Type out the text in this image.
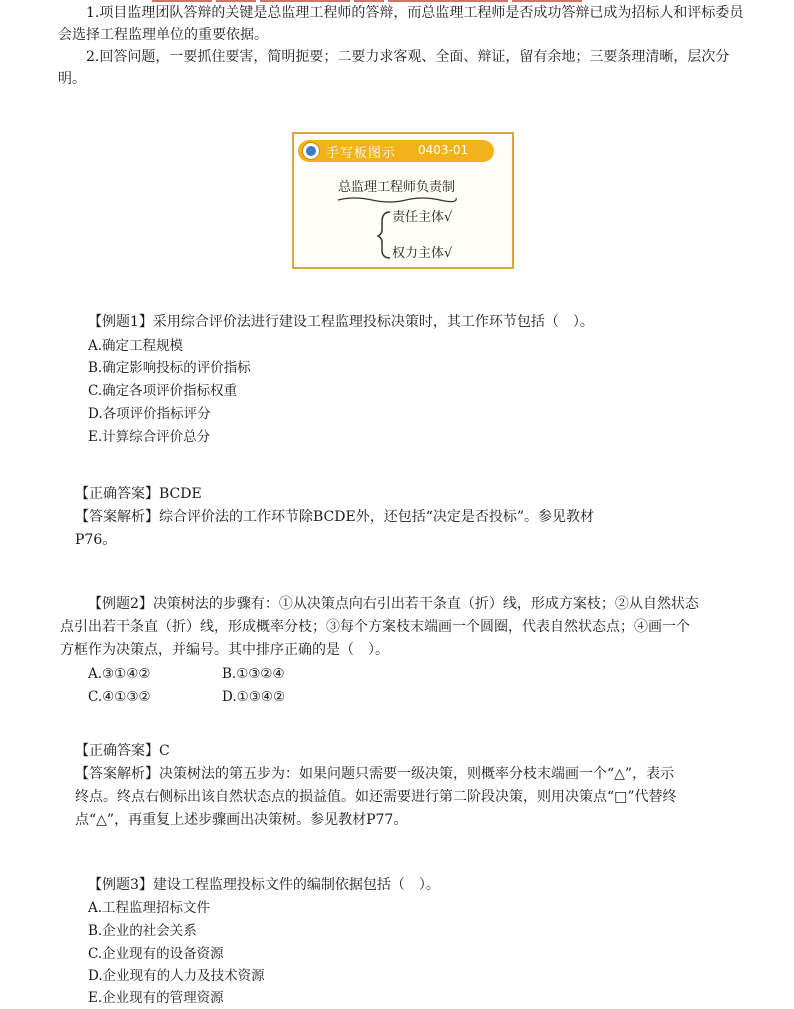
1.项目监理团队答辩的关键是总监理工程师的答辩，而总监理工程师是否成功答辩已成为招标人和评标委员会选择工程监理单位的重要依据。
2.回答问题，一要抓住要害，简明扼要；二要力求客观、全面、辩证，留有余地；三要条理清晰，层次分明。
手写板图示 0403-01
总监理工程师负责制
责任主体√
权力主体√
【例题1】采用综合评价法进行建设工程监理投标决策时，其工作环节包括（　）。
A.确定工程规模
B.确定影响投标的评价指标
C.确定各项评价指标权重
D.各项评价指标评分
E.计算综合评价总分
【正确答案】BCDE
【答案解析】综合评价法的工作环节除BCDE外，还包括“决定是否投标”。参见教材
P76。
【例题2】决策树法的步骤有：①从决策点向右引出若干条直（折）线，形成方案枝；②从自然状态
点引出若干条直（折）线，形成概率分枝；③每个方案枝末端画一个圆圈，代表自然状态点；④画一个
方框作为决策点，并编号。其中排序正确的是（　）。
A.③①④②	B.①③②④
C.④①③②	D.①③④②
【正确答案】C
【答案解析】决策树法的第五步为：如果问题只需要一级决策，则概率分枝末端画一个“△”，表示
终点。终点右侧标出该自然状态点的损益值。如还需要进行第二阶段决策，则用决策点“□”代替终
点“△”，再重复上述步骤画出决策树。参见教材P77。
【例题3】建设工程监理投标文件的编制依据包括（　）。
A.工程监理招标文件
B.企业的社会关系
C.企业现有的设备资源
D.企业现有的人力及技术资源
E.企业现有的管理资源
